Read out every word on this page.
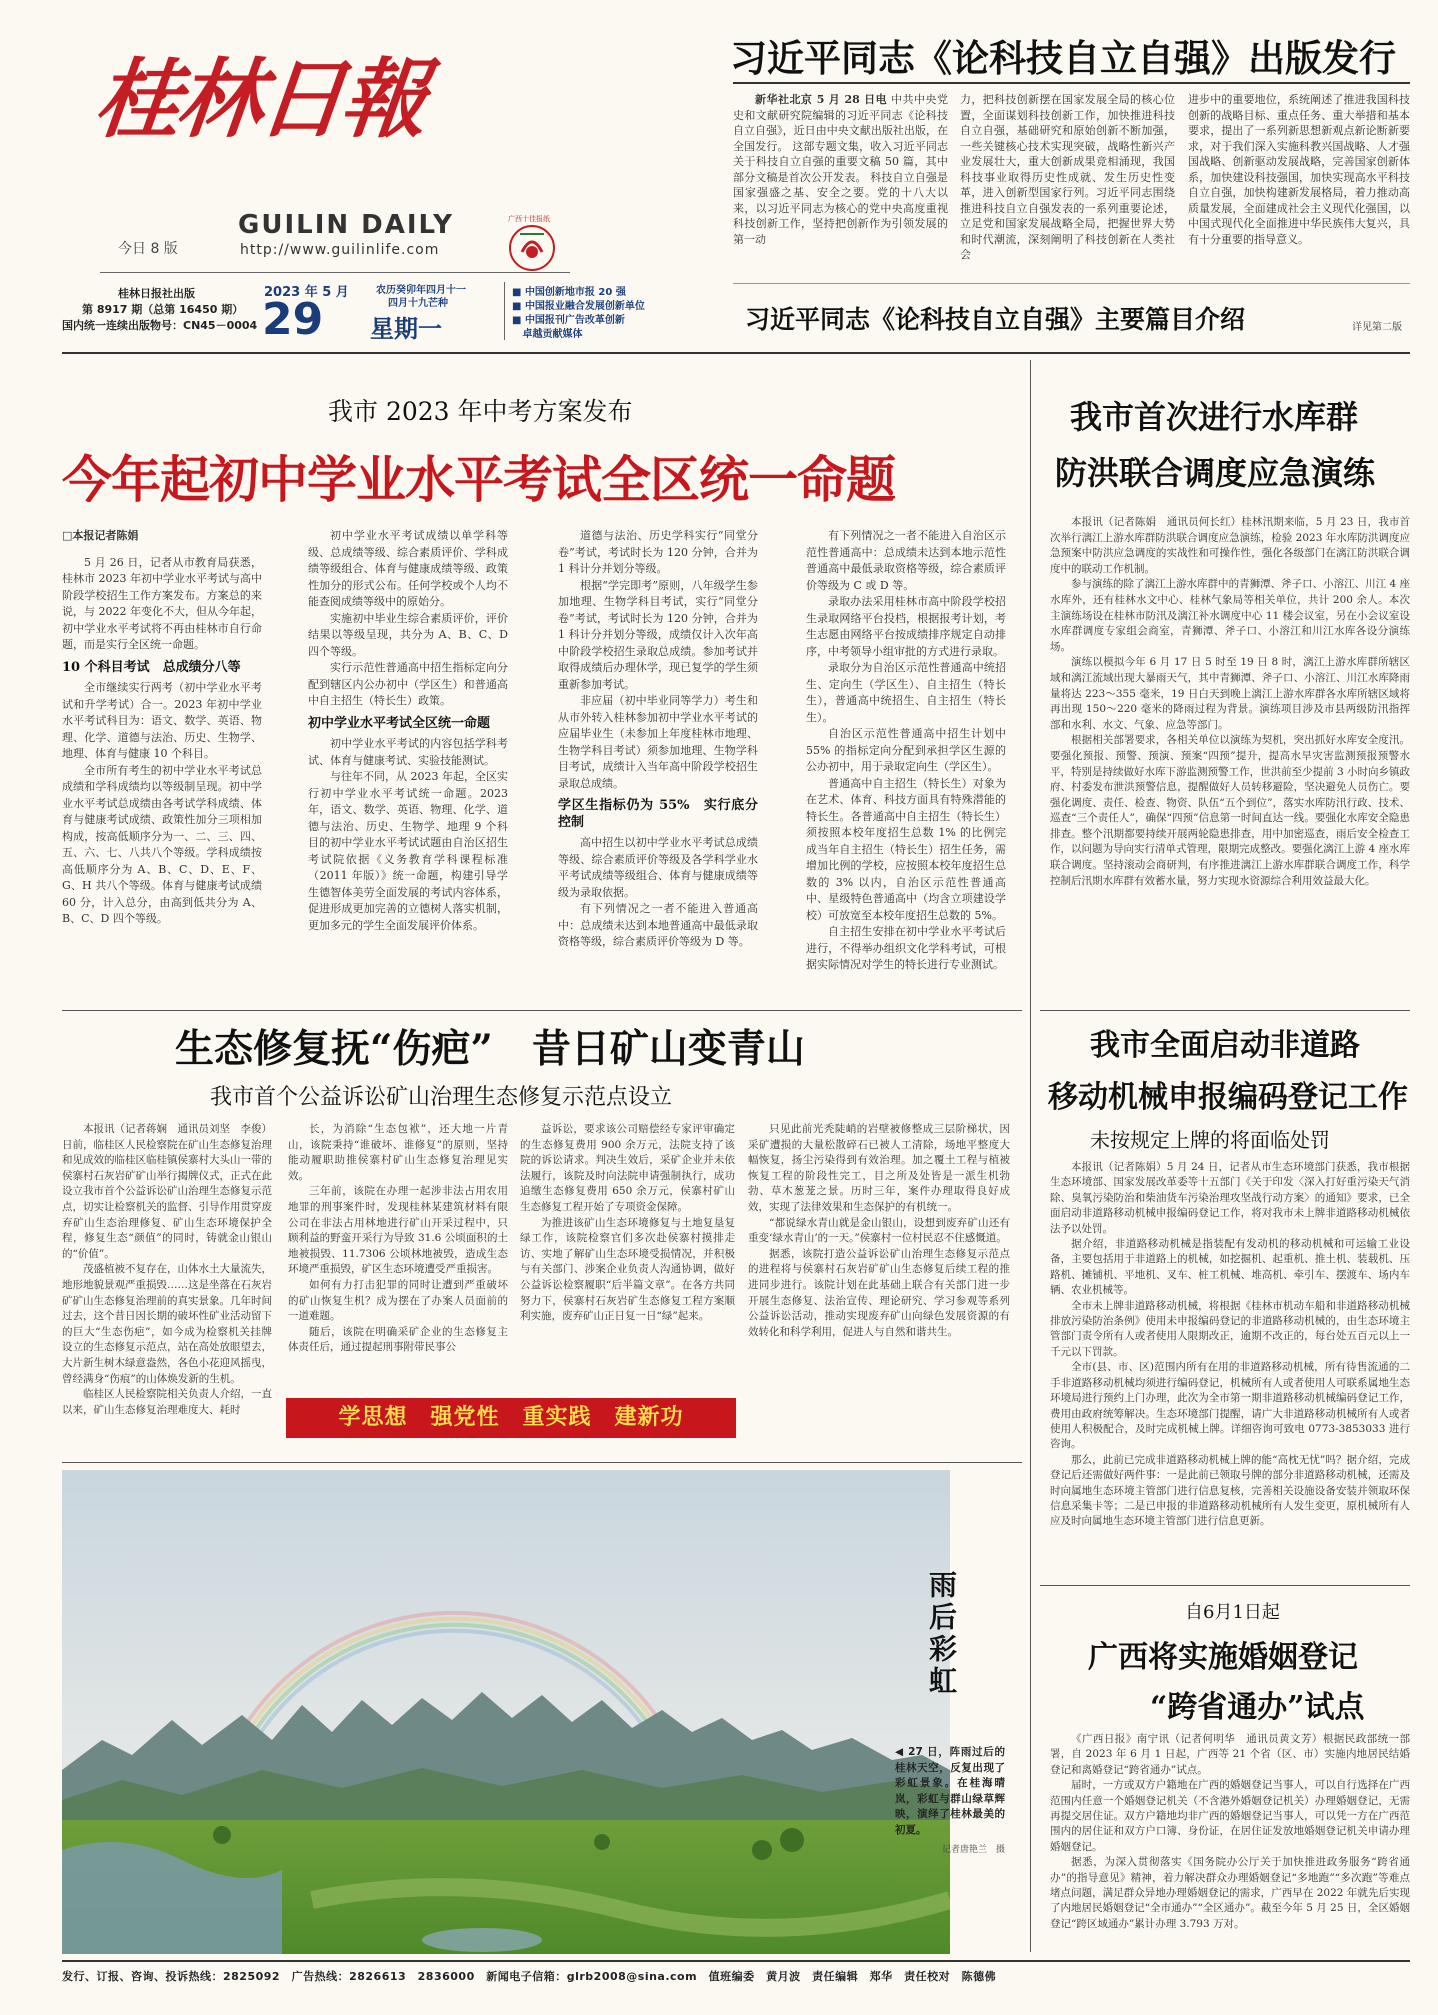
桂林日報
今日 8 版
GUILIN DAILY
http://www.guilinlife.com
广西十佳报纸
桂林日报社出版
第 8917 期（总第 16450 期）
国内统一连续出版物号：CN45－0004
2023 年 5 月
29
农历癸卯年四月十一
四月十九芒种
星期一
■ 中国创新地市报 20 强
■ 中国报业融合发展创新单位
■ 中国报刊广告改革创新
卓越贡献媒体
习近平同志《论科技自立自强》出版发行

新华社北京 5 月 28 日电 中共中央党史和文献研究院编辑的习近平同志《论科技自立自强》，近日由中央文献出版社出版，在全国发行。 这部专题文集，收入习近平同志关于科技自立自强的重要文稿 50 篇，其中部分文稿是首次公开发表。 科技自立自强是国家强盛之基、安全之要。党的十八大以来，以习近平同志为核心的党中央高度重视科技创新工作，坚持把创新作为引领发展的第一动

力，把科技创新摆在国家发展全局的核心位置，全面谋划科技创新工作，加快推进科技自立自强，基础研究和原始创新不断加强，一些关键核心技术实现突破，战略性新兴产业发展壮大，重大创新成果竞相涌现，我国科技事业取得历史性成就、发生历史性变革，进入创新型国家行列。习近平同志围绕推进科技自立自强发表的一系列重要论述，立足党和国家发展战略全局，把握世界大势和时代潮流，深刻阐明了科技创新在人类社会
进步中的重要地位，系统阐述了推进我国科技创新的战略目标、重点任务、重大举措和基本要求，提出了一系列新思想新观点新论断新要求，对于我们深入实施科教兴国战略、人才强国战略、创新驱动发展战略，完善国家创新体系，加快建设科技强国，加快实现高水平科技自立自强，加快构建新发展格局，着力推动高质量发展，全面建成社会主义现代化强国，以中国式现代化全面推进中华民族伟大复兴，具有十分重要的指导意义。
习近平同志《论科技自立自强》主要篇目介绍	详见第二版
我市 2023 年中考方案发布
今年起初中学业水平考试全区统一命题
□本报记者陈娟

5 月 26 日，记者从市教育局获悉，桂林市 2023 年初中学业水平考试与高中阶段学校招生工作方案发布。方案总的来说，与 2022 年变化不大，但从今年起，初中学业水平考试将不再由桂林市自行命题，而是实行全区统一命题。

10 个科目考试　总成绩分八等

全市继续实行两考（初中学业水平考试和升学考试）合一。2023 年初中学业水平考试科目为：语文、数学、英语、物理、化学、道德与法治、历史、生物学、地理、体育与健康 10 个科目。

全市所有考生的初中学业水平考试总成绩和学科成绩均以等级制呈现。初中学业水平考试总成绩由各考试学科成绩、体育与健康考试成绩、政策性加分三项相加构成，按高低顺序分为一、二、三、四、五、六、七、八共八个等级。学科成绩按高低顺序分为 A、B、C、D、E、F、G、H 共八个等级。体育与健康考试成绩 60 分，计入总分，由高到低共分为 A、B、C、D 四个等级。

初中学业水平考试成绩以单学科等级、总成绩等级、综合素质评价、学科成绩等级组合、体育与健康成绩等级、政策性加分的形式公布。任何学校或个人均不能查阅成绩等级中的原始分。

实施初中毕业生综合素质评价，评价结果以等级呈现，共分为 A、B、C、D 四个等级。

实行示范性普通高中招生指标定向分配到辖区内公办初中（学区生）和普通高中自主招生（特长生）政策。

初中学业水平考试全区统一命题

初中学业水平考试的内容包括学科考试、体育与健康考试、实验技能测试。

与往年不同，从 2023 年起，全区实行初中学业水平考试统一命题。2023 年，语文、数学、英语、物理、化学、道德与法治、历史、生物学、地理 9 个科目的初中学业水平考试试题由自治区招生考试院依据《义务教育学科课程标准（2011 年版）》统一命题，构建引导学生德智体美劳全面发展的考试内容体系，促进形成更加完善的立德树人落实机制，更加多元的学生全面发展评价体系。

道德与法治、历史学科实行“同堂分卷”考试，考试时长为 120 分钟，合并为 1 科计分并划分等级。

根据“学完即考”原则，八年级学生参加地理、生物学科目考试，实行“同堂分卷”考试，考试时长为 120 分钟，合并为 1 科计分并划分等级，成绩仅计入次年高中阶段学校招生录取总成绩。参加考试并取得成绩后办理休学，现已复学的学生须重新参加考试。

非应届（初中毕业同等学力）考生和从市外转入桂林参加初中学业水平考试的应届毕业生（未参加上年度桂林市地理、生物学科目考试）须参加地理、生物学科目考试，成绩计入当年高中阶段学校招生录取总成绩。

学区生指标仍为 55%　实行底分控制

高中招生以初中学业水平考试总成绩等级、综合素质评价等级及各学科学业水平考试成绩等级组合、体育与健康成绩等级为录取依据。

有下列情况之一者不能进入普通高中：总成绩未达到本地普通高中最低录取资格等级，综合素质评价等级为 D 等。

有下列情况之一者不能进入自治区示范性普通高中：总成绩未达到本地示范性普通高中最低录取资格等级，综合素质评价等级为 C 或 D 等。

录取办法采用桂林市高中阶段学校招生录取网络平台投档，根据报考计划，考生志愿由网络平台按成绩排序规定自动排序，中考领导小组审批的方式进行录取。

录取分为自治区示范性普通高中统招生、定向生（学区生）、自主招生（特长生），普通高中统招生、自主招生（特长生）。

自治区示范性普通高中招生计划中 55% 的指标定向分配到承担学区生源的公办初中，用于录取定向生（学区生）。

普通高中自主招生（特长生）对象为在艺术、体育、科技方面具有特殊潜能的特长生。各普通高中自主招生（特长生）须按照本校年度招生总数 1% 的比例完成当年自主招生（特长生）招生任务，需增加比例的学校，应按照本校年度招生总数的 3% 以内，自治区示范性普通高中、星级特色普通高中（均含立项建设学校）可放宽至本校年度招生总数的 5%。

自主招生安排在初中学业水平考试后进行，不得举办组织文化学科考试，可根据实际情况对学生的特长进行专业测试。

我市首次进行水库群
防洪联合调度应急演练

本报讯（记者陈娟　通讯员何长红）桂林汛期来临，5 月 23 日，我市首次举行漓江上游水库群防洪联合调度应急演练，检验 2023 年水库防洪调度应急预案中防洪应急调度的实战性和可操作性，强化各级部门在漓江防洪联合调度中的联动工作机制。

参与演练的除了漓江上游水库群中的青狮潭、斧子口、小溶江、川江 4 座水库外，还有桂林水文中心、桂林气象局等相关单位，共计 200 余人。本次主演练场设在桂林市防汛及漓江补水调度中心 11 楼会议室，另在小会议室设水库群调度专家组会商室，青狮潭、斧子口、小溶江和川江水库各设分演练场。

演练以模拟今年 6 月 17 日 5 时至 19 日 8 时，漓江上游水库群所辖区域和漓江流域出现大暴雨天气，其中青狮潭、斧子口、小溶江、川江水库降雨量将达 223～355 毫米，19 日白天到晚上漓江上游水库群各水库所辖区域将再出现 150～220 毫米的降雨过程为背景。演练项目涉及市县两级防汛指挥部和水利、水文、气象、应急等部门。

根据相关部署要求，各相关单位以演练为契机，突出抓好水库安全度汛。要强化预报、预警、预演、预案“四预”提升，提高水旱灾害监测预报预警水平，特别是持续做好水库下游监测预警工作，世洪前至少提前 3 小时向乡镇政府、村委发布泄洪预警信息，提醒做好人员转移避险，坚决避免人员伤亡。要强化调度、责任、检查、物资、队伍“五个到位”，落实水库防汛行政、技术、巡查“三个责任人”，确保“四预”信息第一时间直达一线。要强化水库安全隐患排查。整个汛期都要持续开展两轮隐患排查，用中加密巡查，雨后安全检查工作，以问题为导向实行清单式管理，限期完成整改。要强化漓江上游 4 座水库联合调度。坚持滚动会商研判，有序推进漓江上游水库群联合调度工作，科学控制后汛期水库群有效蓄水量，努力实现水资源综合利用效益最大化。

生态修复抚“伤疤”　昔日矿山变青山
我市首个公益诉讼矿山治理生态修复示范点设立

本报讯（记者蒋娴　通讯员刘坚　李俊）日前，临桂区人民检察院在矿山生态修复治理和见成效的临桂区临桂镇侯寨村大头山一带的侯寨村石灰岩矿矿山举行揭牌仪式，正式在此设立我市首个公益诉讼矿山治理生态修复示范点，切实让检察机关的监督、引导作用贯穿废弃矿山生态治理修复、矿山生态环境保护全程，修复生态“颜值”的同时，铸就金山银山的“价值”。

茂盛植被不复存在，山体水土大量流失，地形地貌景观严重损毁……这是坐落在石灰岩矿矿山生态修复治理前的真实景象。几年时间过去，这个昔日因长期的破坏性矿业活动留下的巨大“生态伤疤”，如今成为检察机关挂牌设立的生态修复示范点，站在高处放眼望去，大片新生树木绿意盎然，各色小花迎风摇曳，曾经满身“伤痕”的山体焕发新的生机。

临桂区人民检察院相关负责人介绍，一直以来，矿山生态修复治理难度大、耗时

长，为消除“生态包袱”，还大地一片青山，该院秉持“谁破坏、谁修复”的原则，坚持能动履职助推侯寨村矿山生态修复治理见实效。

三年前，该院在办理一起涉非法占用农用地罪的刑事案件时，发现桂林某建筑材料有限公司在非法占用林地进行矿山开采过程中，只顾利益的野蛮开采行为导致 31.6 公顷面积的土地被损毁、11.7306 公顷林地被毁，造成生态环境严重损毁，矿区生态环境遭受严重损害。

如何有力打击犯罪的同时让遭到严重破坏的矿山恢复生机？成为摆在了办案人员面前的一道难题。

随后，该院在明确采矿企业的生态修复主体责任后，通过提起刑事附带民事公

益诉讼，要求该公司赔偿经专家评审确定的生态修复费用 900 余万元，法院支持了该院的诉讼请求。判决生效后，采矿企业并未依法履行，该院及时向法院申请强制执行，成功追缴生态修复费用 650 余万元，侯寨村矿山生态修复工程开始了专项资金保障。

为推进该矿山生态环境修复与土地复垦复绿工作，该院检察官们多次赴侯寨村摸排走访、实地了解矿山生态环境受损情况，并积极与有关部门、涉案企业负责人沟通协调，做好公益诉讼检察履职“后半篇文章”。在各方共同努力下，侯寨村石灰岩矿生态修复工程方案顺利实施，废弃矿山正日复一日“绿”起来。

只见此前光秃陡峭的岩壁被修整成三层阶梯状，因采矿遭损的大量松散碎石已被人工清除，场地平整度大幅恢复，扬尘污染得到有效治理。加之覆土工程与植被恢复工程的阶段性完工，目之所及处皆是一派生机勃勃、草木葱茏之景。历时三年，案件办理取得良好成效，实现了法律效果和生态保护的有机统一。

“都说绿水青山就是金山银山，设想到废弃矿山还有重变‘绿水青山’的一天。”侯寨村一位村民忍不住感慨道。

据悉，该院打造公益诉讼矿山治理生态修复示范点的进程将与侯寨村石灰岩矿矿山生态修复后续工程的推进同步进行。该院计划在此基础上联合有关部门进一步开展生态修复、法治宣传、理论研究、学习参观等系列公益诉讼活动，推动实现废弃矿山向绿色发展资源的有效转化和科学利用，促进人与自然和谐共生。

学思想　强党性　重实践　建新功
雨后彩虹
◀ 27 日，阵雨过后的桂林天空，反复出现了彩虹景象。在桂海晴岚，彩虹与群山绿草辉映，演绎了桂林最美的初夏。
记者唐艳兰　摄
我市全面启动非道路
移动机械申报编码登记工作
未按规定上牌的将面临处罚

本报讯（记者陈娟）5 月 24 日，记者从市生态环境部门获悉，我市根据生态环境部、国家发展改革委等十五部门《关于印发〈深入打好重污染天气消除、臭氧污染防治和柴油货车污染治理攻坚战行动方案〉的通知》要求，已全面启动非道路移动机械申报编码登记工作，将对我市未上牌非道路移动机械依法予以处罚。

据介绍，非道路移动机械是指装配有发动机的移动机械和可运输工业设备，主要包括用于非道路上的机械，如挖掘机、起重机、推土机、装载机、压路机、摊铺机、平地机、叉车、桩工机械、堆高机、牵引车、摆渡车、场内车辆、农业机械等。

全市未上牌非道路移动机械，将根据《桂林市机动车船和非道路移动机械排放污染防治条例》使用未申报编码登记的非道路移动机械的，由生态环境主管部门责令所有人或者使用人限期改正，逾期不改正的，每台处五百元以上一千元以下罚款。

全市(县、市、区)范围内所有在用的非道路移动机械，所有待售流通的二手非道路移动机械均须进行编码登记，机械所有人或者使用人可联系属地生态环境局进行预约上门办理，此次为全市第一期非道路移动机械编码登记工作，费用由政府统筹解决。生态环境部门提醒，请广大非道路移动机械所有人或者使用人积极配合，及时完成机械上牌。详细咨询可致电 0773-3853033 进行咨询。

那么，此前已完成非道路移动机械上牌的能“高枕无忧”吗？据介绍，完成登记后还需做好两件事：一是此前已领取号牌的部分非道路移动机械，还需及时向属地生态环境主管部门进行信息复核，完善相关设施设备安装并领取环保信息采集卡等；二是已申报的非道路移动机械所有人发生变更，原机械所有人应及时向属地生态环境主管部门进行信息更新。

自6月1日起
广西将实施婚姻登记
“跨省通办”试点

《广西日报》南宁讯（记者何明华　通讯员黄文芳）根据民政部统一部署，自 2023 年 6 月 1 日起，广西等 21 个省（区、市）实施内地居民结婚登记和离婚登记“跨省通办”试点。

届时，一方或双方户籍地在广西的婚姻登记当事人，可以自行选择在广西范围内任意一个婚姻登记机关（不含港外婚姻登记机关）办理婚姻登记，无需再提交居住证。双方户籍地均非广西的婚姻登记当事人，可以凭一方在广西范围内的居住证和双方户口簿、身份证，在居住证发放地婚姻登记机关申请办理婚姻登记。

据悉，为深入贯彻落实《国务院办公厅关于加快推进政务服务“跨省通办”的指导意见》精神，着力解决群众办理婚姻登记“多地跑”“多次跑”等难点堵点问题，满足群众异地办理婚姻登记的需求，广西早在 2022 年就先后实现了内地居民婚姻登记“全市通办”“全区通办”。截至今年 5 月 25 日，全区婚姻登记“跨区域通办”累计办理 3.793 万对。

发行、订报、咨询、投诉热线：2825092　广告热线：2826613　2836000　新闻电子信箱：glrb2008@sina.com　值班编委　黄月波　责任编辑　郑华　责任校对　陈德佛
